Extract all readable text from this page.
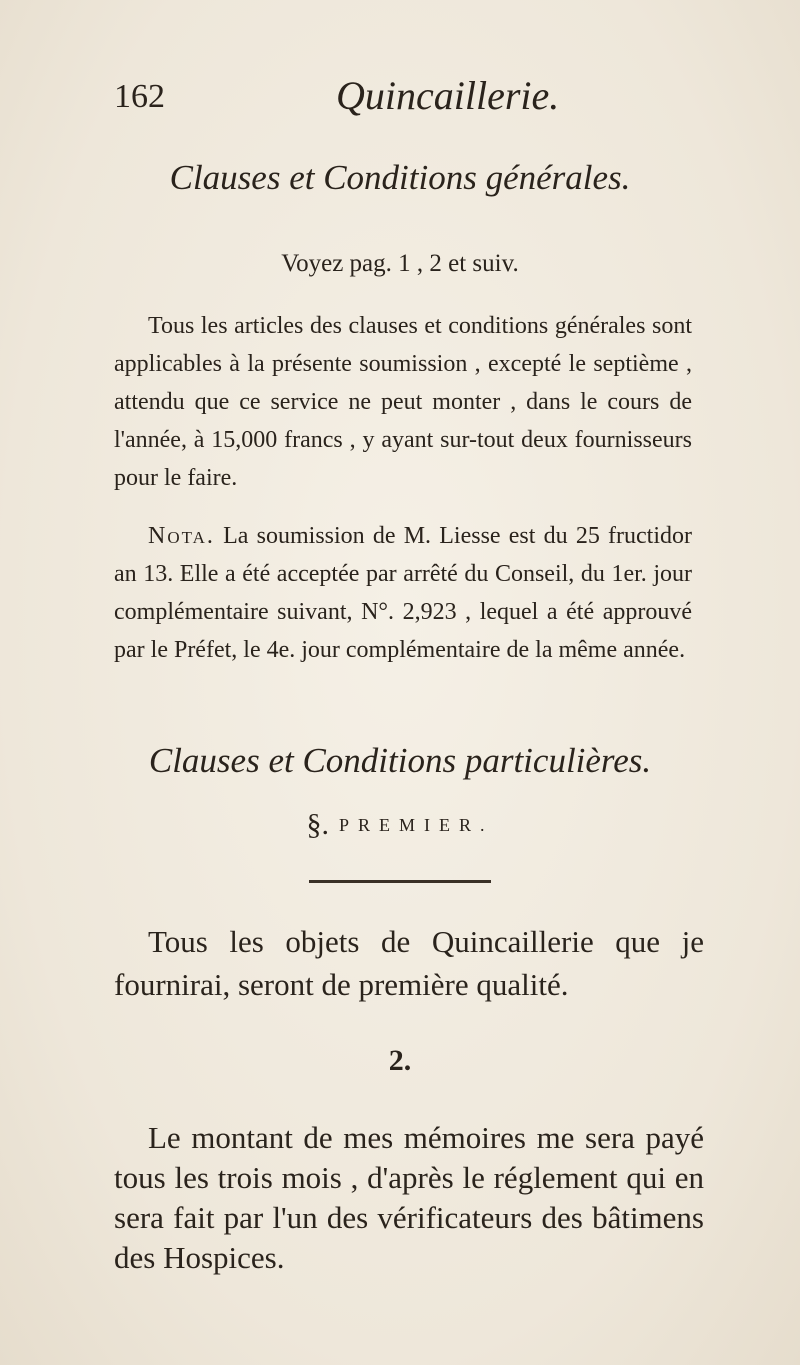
162	Quincaillerie.
Clauses et Conditions générales.
Voyez pag. 1 , 2 et suiv.
Tous les articles des clauses et conditions générales sont applicables à la présente soumission , excepté le septième , attendu que ce service ne peut monter , dans le cours de l'année, à 15,000 francs , y ayant sur-tout deux fournisseurs pour le faire.
Nota. La soumission de M. Liesse est du 25 fructidor an 13. Elle a été acceptée par arrêté du Conseil, du 1er. jour complémentaire suivant, N°. 2,923 , lequel a été approuvé par le Préfet, le 4e. jour complémentaire de la même année.
Clauses et Conditions particulières.
§. PREMIER.
Tous les objets de Quincaillerie que je fournirai, seront de première qualité.
2.
Le montant de mes mémoires me sera payé tous les trois mois , d'après le réglement qui en sera fait par l'un des vérificateurs des bâtimens des Hospices.
